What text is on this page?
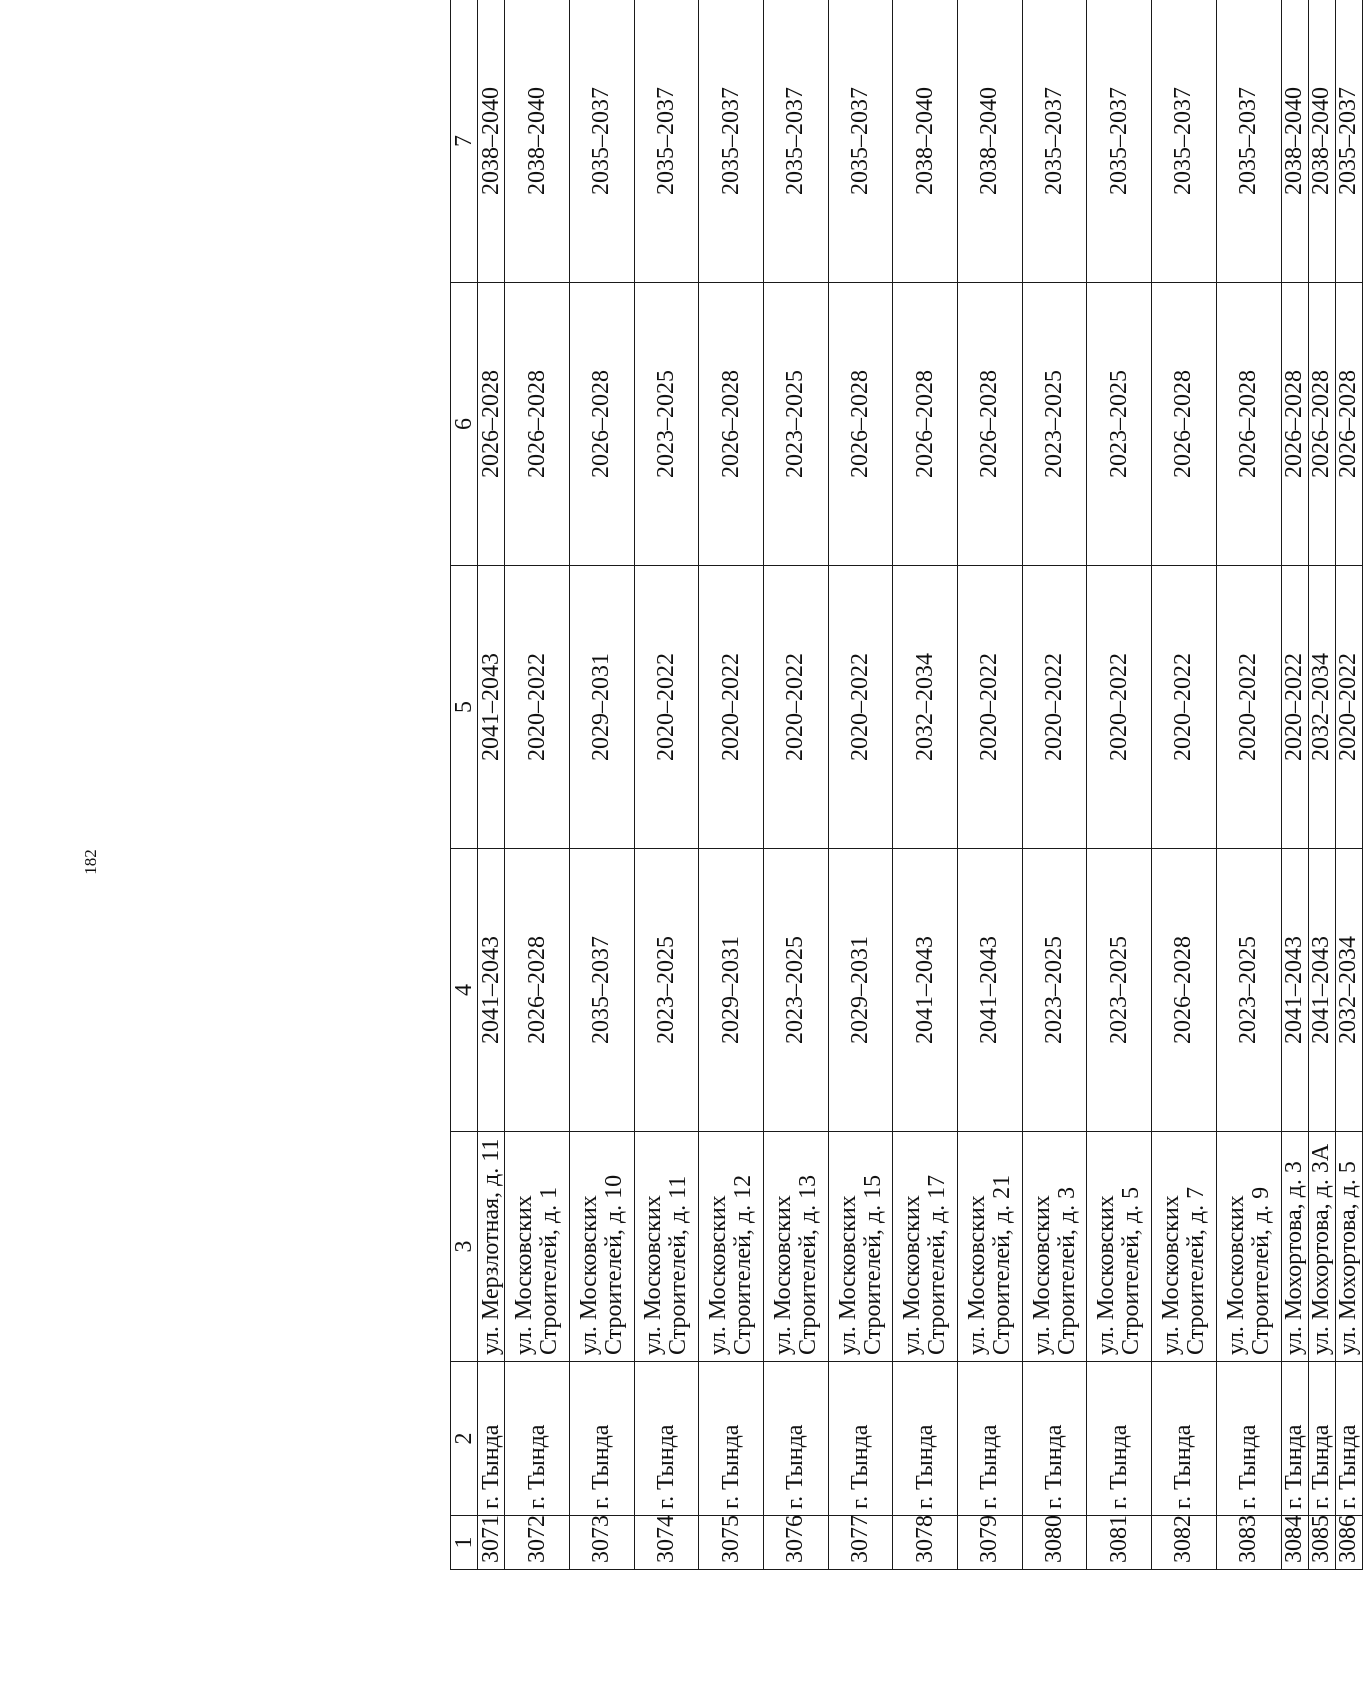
182
1	2	3	4	5	6	7
3071	г. Тында	ул. Мерзлотная, д. 11	2041–2043	2041–2043	2026–2028	2038–2040
3072	г. Тында	ул. Московских Строителей, д. 1	2026–2028	2020–2022	2026–2028	2038–2040
3073	г. Тында	ул. Московских Строителей, д. 10	2035–2037	2029–2031	2026–2028	2035–2037
3074	г. Тында	ул. Московских Строителей, д. 11	2023–2025	2020–2022	2023–2025	2035–2037
3075	г. Тында	ул. Московских Строителей, д. 12	2029–2031	2020–2022	2026–2028	2035–2037
3076	г. Тында	ул. Московских Строителей, д. 13	2023–2025	2020–2022	2023–2025	2035–2037
3077	г. Тында	ул. Московских Строителей, д. 15	2029–2031	2020–2022	2026–2028	2035–2037
3078	г. Тында	ул. Московских Строителей, д. 17	2041–2043	2032–2034	2026–2028	2038–2040
3079	г. Тында	ул. Московских Строителей, д. 21	2041–2043	2020–2022	2026–2028	2038–2040
3080	г. Тында	ул. Московских Строителей, д. 3	2023–2025	2020–2022	2023–2025	2035–2037
3081	г. Тында	ул. Московских Строителей, д. 5	2023–2025	2020–2022	2023–2025	2035–2037
3082	г. Тында	ул. Московских Строителей, д. 7	2026–2028	2020–2022	2026–2028	2035–2037
3083	г. Тында	ул. Московских Строителей, д. 9	2023–2025	2020–2022	2026–2028	2035–2037
3084	г. Тында	ул. Мохортова, д. 3	2041–2043	2020–2022	2026–2028	2038–2040
3085	г. Тында	ул. Мохортова, д. 3А	2041–2043	2032–2034	2026–2028	2038–2040
3086	г. Тында	ул. Мохортова, д. 5	2032–2034	2020–2022	2026–2028	2035–2037
